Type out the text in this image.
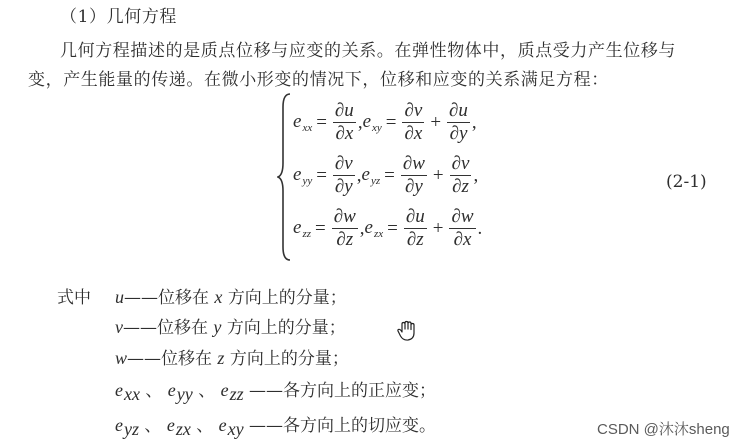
（1）几何方程
几何方程描述的是质点位移与应变的关系。在弹性物体中，质点受力产生位移与
变，产生能量的传递。在微小形变的情况下，位移和应变的关系满足方程：
$e_{xx} = \frac{\partial u}{\partial x}$ , $e_{xy} = \frac{\partial v}{\partial x} + \frac{\partial u}{\partial y}$ ,
$e_{yy} = \frac{\partial v}{\partial y}$ , $e_{yz} = \frac{\partial w}{\partial y} + \frac{\partial v}{\partial z}$ ,
$e_{zz} = \frac{\partial w}{\partial z}$ , $e_{zx} = \frac{\partial u}{\partial z} + \frac{\partial w}{\partial x}$ .
(2-1)
式中 u——位移在 x 方向上的分量；
v——位移在 y 方向上的分量；
w——位移在 z 方向上的分量；
exx 、 eyy 、 ezz ——各方向上的正应变；
eyz 、 ezx 、 exy ——各方向上的切应变。	CSDN @沐沐sheng
